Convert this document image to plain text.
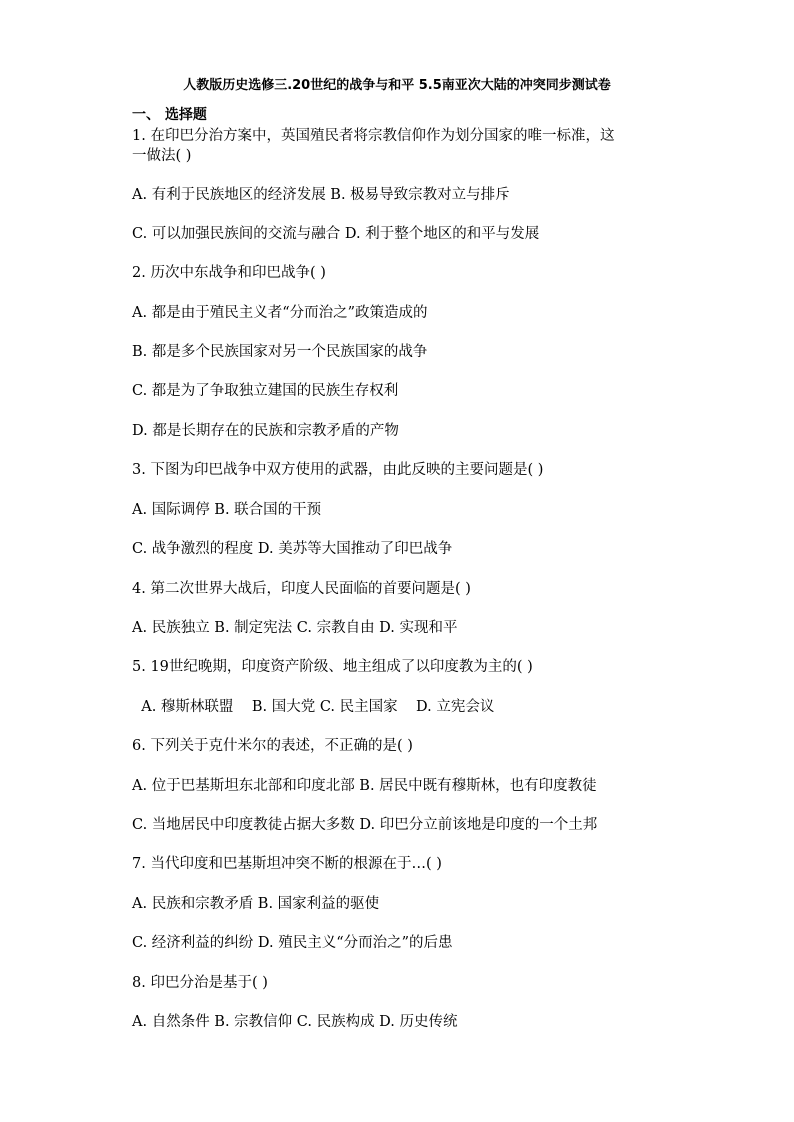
人教版历史选修三.20世纪的战争与和平 5.5南亚次大陆的冲突同步测试卷
一、 选择题
1. 在印巴分治方案中，英国殖民者将宗教信仰作为划分国家的唯一标准，这
一做法( )
A. 有利于民族地区的经济发展 B. 极易导致宗教对立与排斥
C. 可以加强民族间的交流与融合 D. 利于整个地区的和平与发展
2. 历次中东战争和印巴战争( )
A. 都是由于殖民主义者“分而治之”政策造成的
B. 都是多个民族国家对另一个民族国家的战争
C. 都是为了争取独立建国的民族生存权利
D. 都是长期存在的民族和宗教矛盾的产物
3. 下图为印巴战争中双方使用的武器，由此反映的主要问题是( )
A. 国际调停 B. 联合国的干预
C. 战争激烈的程度 D. 美苏等大国推动了印巴战争
4. 第二次世界大战后，印度人民面临的首要问题是( )
A. 民族独立 B. 制定宪法 C. 宗教自由 D. 实现和平
5. 19世纪晚期，印度资产阶级、地主组成了以印度教为主的( )
A. 穆斯林联盟    B. 国大党 C. 民主国家    D. 立宪会议
6. 下列关于克什米尔的表述，不正确的是( )
A. 位于巴基斯坦东北部和印度北部 B. 居民中既有穆斯林，也有印度教徒
C. 当地居民中印度教徒占据大多数 D. 印巴分立前该地是印度的一个土邦
7. 当代印度和巴基斯坦冲突不断的根源在于…( )
A. 民族和宗教矛盾 B. 国家利益的驱使
C. 经济利益的纠纷 D. 殖民主义“分而治之”的后患
8. 印巴分治是基于( )
A. 自然条件 B. 宗教信仰 C. 民族构成 D. 历史传统
